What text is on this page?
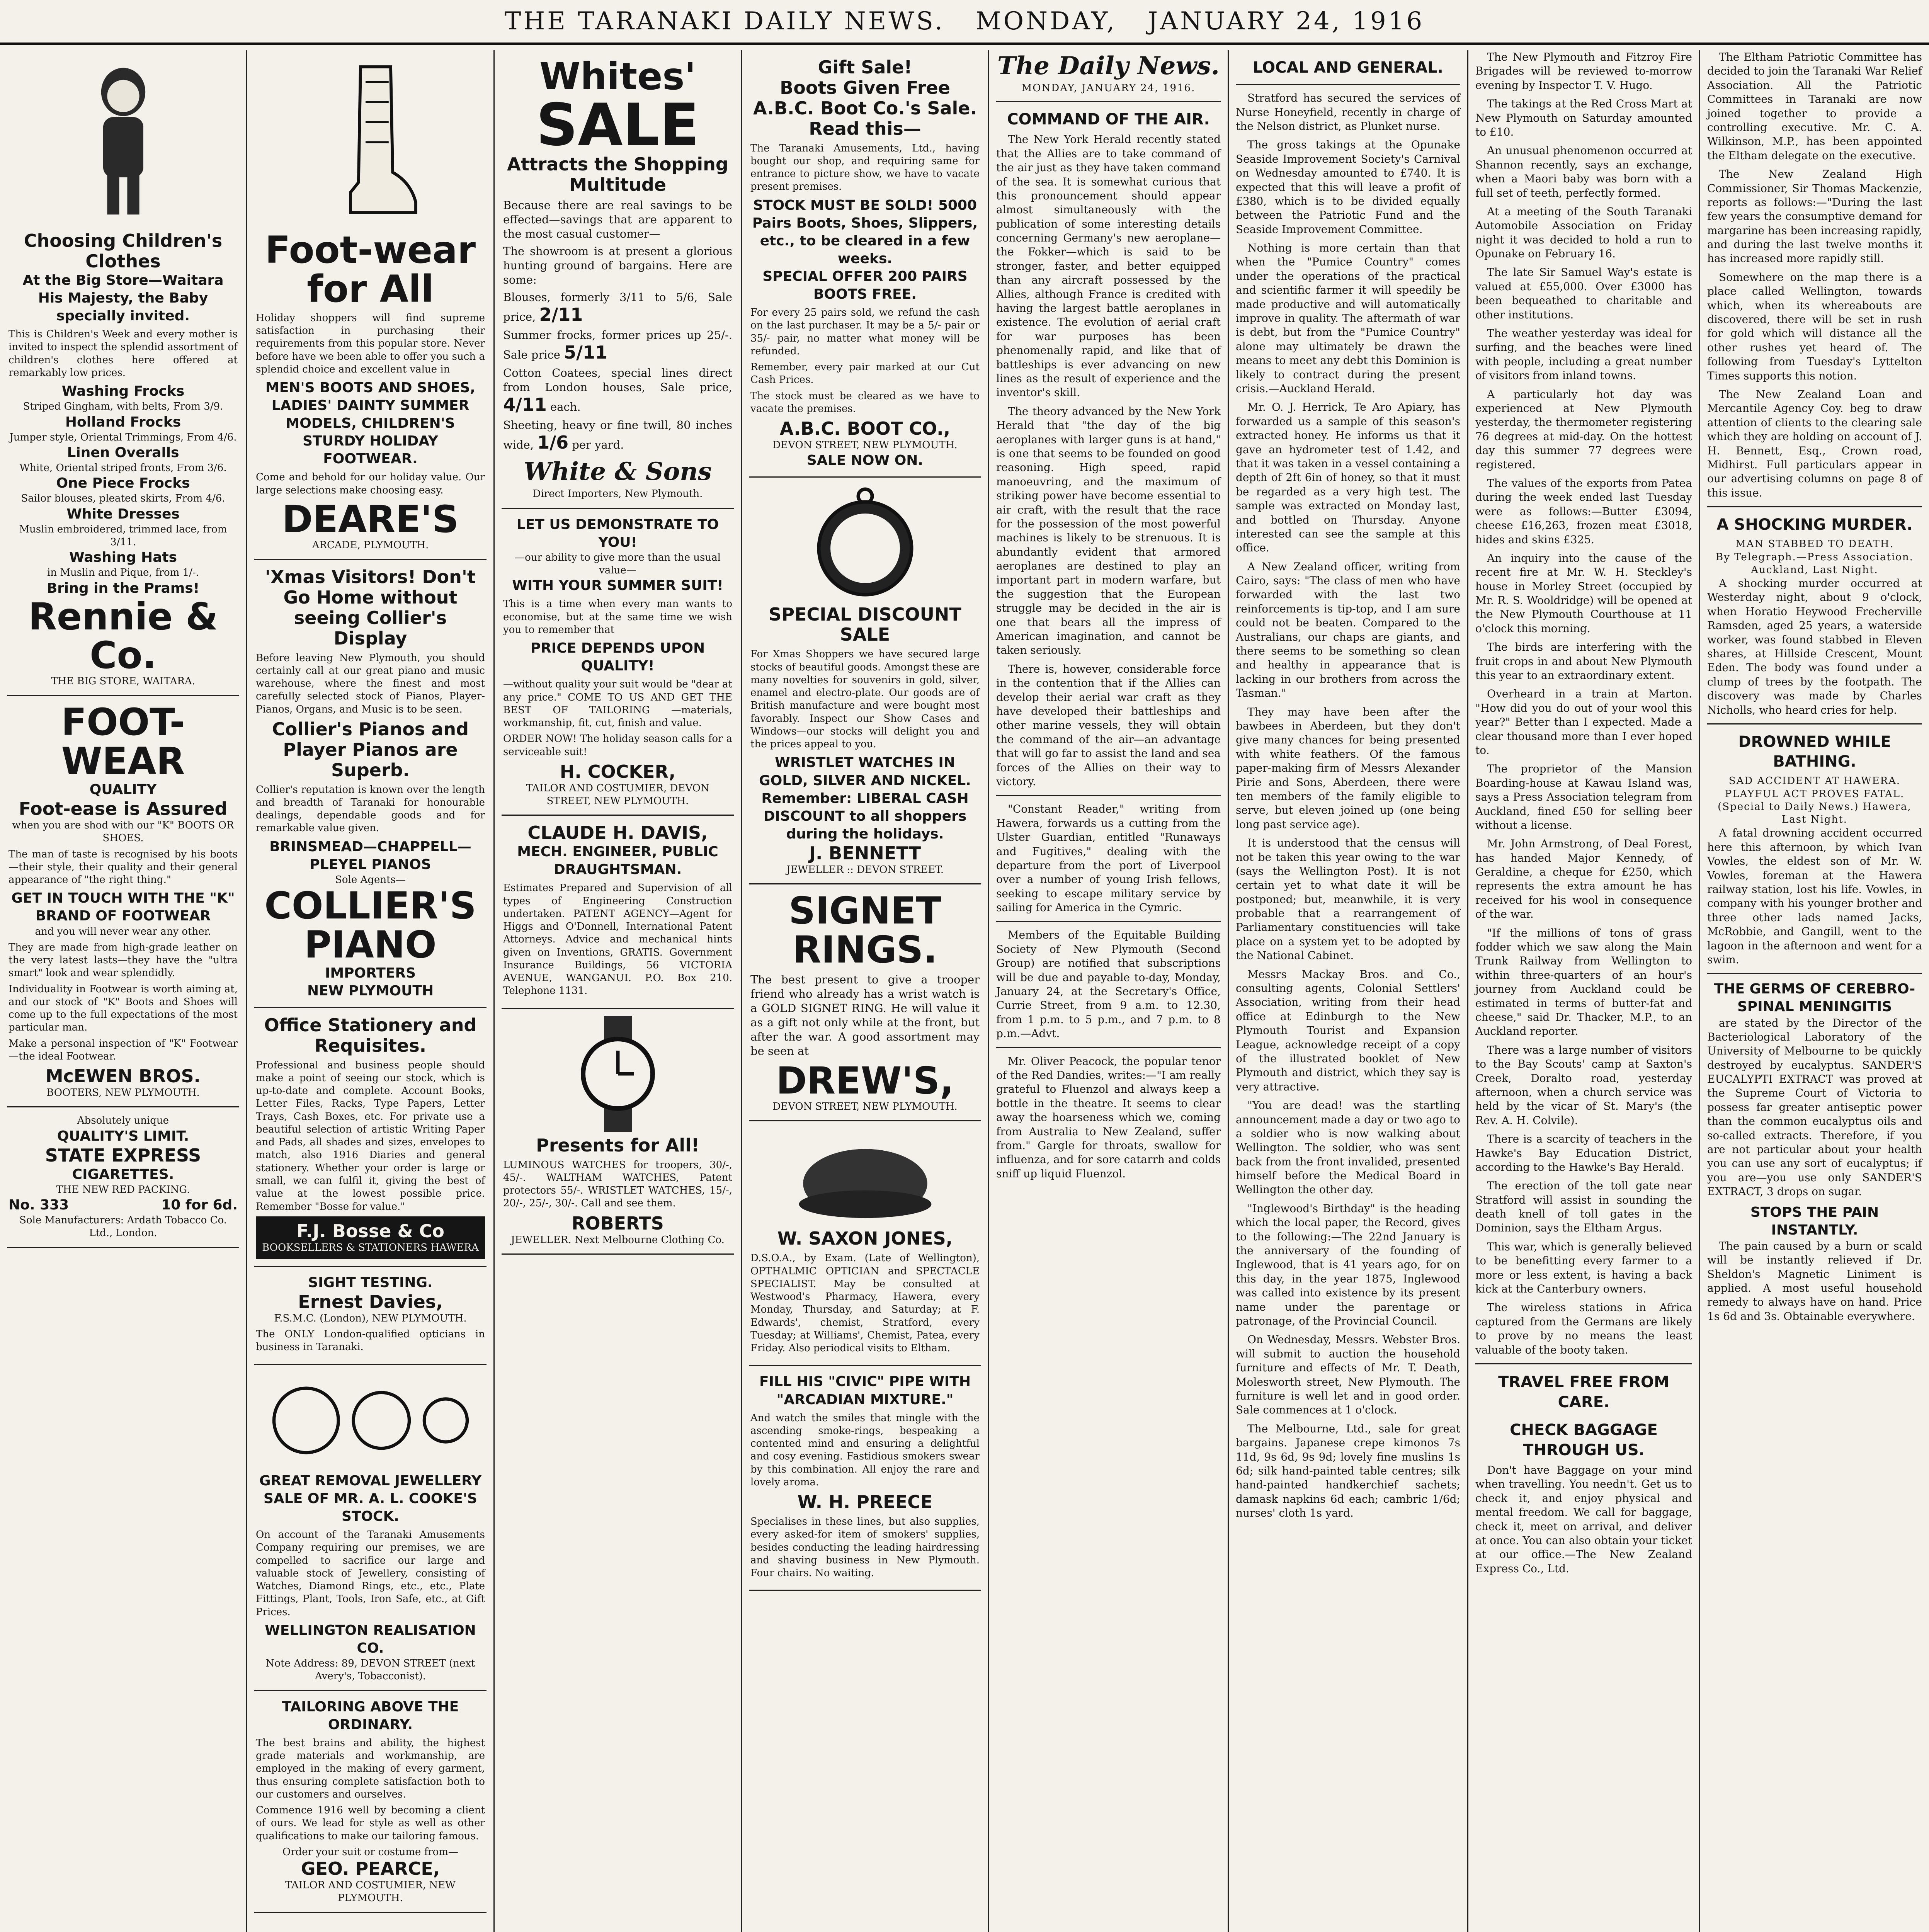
THE TARANAKI DAILY NEWS. MONDAY, JANUARY 24, 1916
Choosing Children's Clothes
At the Big Store—Waitara
His Majesty, the Baby specially invited.

This is Children's Week and every mother is invited to inspect the splendid assortment of children's clothes here offered at remarkably low prices.

Washing Frocks
Striped Gingham, with belts, From 3/9.
Holland Frocks
Jumper style, Oriental Trimmings, From 4/6.
Linen Overalls
White, Oriental striped fronts, From 3/6.
One Piece Frocks
Sailor blouses, pleated skirts, From 4/6.
White Dresses
Muslin embroidered, trimmed lace, from 3/11.
Washing Hats
in Muslin and Pique, from 1/-.
Bring in the Prams!
Rennie & Co.
THE BIG STORE, WAITARA.
FOOT-WEAR
QUALITY
Foot-ease is Assured
when you are shod with our "K" BOOTS OR SHOES.

The man of taste is recognised by his boots—their style, their quality and their general appearance of "the right thing."

GET IN TOUCH WITH THE "K" BRAND OF FOOTWEAR
and you will never wear any other.

They are made from high-grade leather on the very latest lasts—they have the "ultra smart" look and wear splendidly.

Individuality in Footwear is worth aiming at, and our stock of "K" Boots and Shoes will come up to the full expectations of the most particular man.

Make a personal inspection of "K" Footwear—the ideal Footwear.

McEWEN BROS.
BOOTERS, NEW PLYMOUTH.
Absolutely unique
QUALITY'S LIMIT.
STATE EXPRESS
CIGARETTES.
THE NEW RED PACKING.
No. 333	10 for 6d.
Sole Manufacturers: Ardath Tobacco Co. Ltd., London.
Foot-wear for All

Holiday shoppers will find supreme satisfaction in purchasing their requirements from this popular store. Never before have we been able to offer you such a splendid choice and excellent value in

MEN'S BOOTS AND SHOES, LADIES' DAINTY SUMMER MODELS, CHILDREN'S STURDY HOLIDAY FOOTWEAR.

Come and behold for our holiday value. Our large selections make choosing easy.

DEARE'S
ARCADE, PLYMOUTH.
'Xmas Visitors! Don't Go Home without seeing Collier's Display

Before leaving New Plymouth, you should certainly call at our great piano and music warehouse, where the finest and most carefully selected stock of Pianos, Player-Pianos, Organs, and Music is to be seen.

Collier's Pianos and Player Pianos are Superb.

Collier's reputation is known over the length and breadth of Taranaki for honourable dealings, dependable goods and for remarkable value given.

BRINSMEAD—CHAPPELL—PLEYEL PIANOS
Sole Agents—
COLLIER'S PIANO
IMPORTERS
NEW PLYMOUTH
Office Stationery and Requisites.

Professional and business people should make a point of seeing our stock, which is up-to-date and complete. Account Books, Letter Files, Racks, Type Papers, Letter Trays, Cash Boxes, etc. For private use a beautiful selection of artistic Writing Paper and Pads, all shades and sizes, envelopes to match, also 1916 Diaries and general stationery. Whether your order is large or small, we can fulfil it, giving the best of value at the lowest possible price. Remember "Bosse for value."

F.J. Bosse & Co
BOOKSELLERS & STATIONERS HAWERA
SIGHT TESTING.
Ernest Davies,
F.S.M.C. (London), NEW PLYMOUTH.

The ONLY London-qualified opticians in business in Taranaki.

GREAT REMOVAL JEWELLERY SALE OF MR. A. L. COOKE'S STOCK.

On account of the Taranaki Amusements Company requiring our premises, we are compelled to sacrifice our large and valuable stock of Jewellery, consisting of Watches, Diamond Rings, etc., etc., Plate Fittings, Plant, Tools, Iron Safe, etc., at Gift Prices.

WELLINGTON REALISATION CO.
Note Address: 89, DEVON STREET (next Avery's, Tobacconist).
TAILORING ABOVE THE ORDINARY.

The best brains and ability, the highest grade materials and workmanship, are employed in the making of every garment, thus ensuring complete satisfaction both to our customers and ourselves.

Commence 1916 well by becoming a client of ours. We lead for style as well as other qualifications to make our tailoring famous.

Order your suit or costume from—
GEO. PEARCE,
TAILOR AND COSTUMIER, NEW PLYMOUTH.
Whites'
SALE
Attracts the Shopping Multitude

Because there are real savings to be effected—savings that are apparent to the most casual customer—

The showroom is at present a glorious hunting ground of bargains. Here are some:

Blouses, formerly 3/11 to 5/6, Sale price, 2/11

Summer frocks, former prices up 25/-. Sale price 5/11

Cotton Coatees, special lines direct from London houses, Sale price, 4/11 each.

Sheeting, heavy or fine twill, 80 inches wide, 1/6 per yard.

White & Sons
Direct Importers, New Plymouth.
LET US DEMONSTRATE TO YOU!
—our ability to give more than the usual value—
WITH YOUR SUMMER SUIT!

This is a time when every man wants to economise, but at the same time we wish you to remember that

PRICE DEPENDS UPON QUALITY!

—without quality your suit would be "dear at any price." COME TO US AND GET THE BEST OF TAILORING —materials, workmanship, fit, cut, finish and value.

ORDER NOW! The holiday season calls for a serviceable suit!

H. COCKER,
TAILOR AND COSTUMIER, DEVON STREET, NEW PLYMOUTH.
CLAUDE H. DAVIS,
MECH. ENGINEER, PUBLIC DRAUGHTSMAN.

Estimates Prepared and Supervision of all types of Engineering Construction undertaken. PATENT AGENCY—Agent for Higgs and O'Donnell, International Patent Attorneys. Advice and mechanical hints given on Inventions, GRATIS. Government Insurance Buildings, 56 VICTORIA AVENUE, WANGANUI. P.O. Box 210. Telephone 1131.

Presents for All!

LUMINOUS WATCHES for troopers, 30/-, 45/-. WALTHAM WATCHES, Patent protectors 55/-. WRISTLET WATCHES, 15/-, 20/-, 25/-, 30/-. Call and see them.

ROBERTS
JEWELLER. Next Melbourne Clothing Co.
Gift Sale!
Boots Given Free
A.B.C. Boot Co.'s Sale.
Read this—

The Taranaki Amusements, Ltd., having bought our shop, and requiring same for entrance to picture show, we have to vacate present premises.

STOCK MUST BE SOLD! 5000 Pairs Boots, Shoes, Slippers, etc., to be cleared in a few weeks.
SPECIAL OFFER 200 PAIRS BOOTS FREE.

For every 25 pairs sold, we refund the cash on the last purchaser. It may be a 5/- pair or 35/- pair, no matter what money will be refunded.

Remember, every pair marked at our Cut Cash Prices.

The stock must be cleared as we have to vacate the premises.

A.B.C. BOOT CO.,
DEVON STREET, NEW PLYMOUTH.
SALE NOW ON.
SPECIAL DISCOUNT SALE

For Xmas Shoppers we have secured large stocks of beautiful goods. Amongst these are many novelties for souvenirs in gold, silver, enamel and electro-plate. Our goods are of British manufacture and were bought most favorably. Inspect our Show Cases and Windows—our stocks will delight you and the prices appeal to you.

WRISTLET WATCHES IN GOLD, SILVER AND NICKEL.
Remember: LIBERAL CASH DISCOUNT to all shoppers during the holidays.
J. BENNETT
JEWELLER :: DEVON STREET.
SIGNET RINGS.

The best present to give a trooper friend who already has a wrist watch is a GOLD SIGNET RING. He will value it as a gift not only while at the front, but after the war. A good assortment may be seen at

DREW'S,
DEVON STREET, NEW PLYMOUTH.
W. SAXON JONES,

D.S.O.A., by Exam. (Late of Wellington), OPTHALMIC OPTICIAN and SPECTACLE SPECIALIST. May be consulted at Westwood's Pharmacy, Hawera, every Monday, Thursday, and Saturday; at F. Edwards', chemist, Stratford, every Tuesday; at Williams', Chemist, Patea, every Friday. Also periodical visits to Eltham.

FILL HIS "CIVIC" PIPE WITH "ARCADIAN MIXTURE."

And watch the smiles that mingle with the ascending smoke-rings, bespeaking a contented mind and ensuring a delightful and cosy evening. Fastidious smokers swear by this combination. All enjoy the rare and lovely aroma.

W. H. PREECE

Specialises in these lines, but also supplies, every asked-for item of smokers' supplies, besides conducting the leading hairdressing and shaving business in New Plymouth. Four chairs. No waiting.

The Daily News.
MONDAY, JANUARY 24, 1916.
COMMAND OF THE AIR.

The New York Herald recently stated that the Allies are to take command of the air just as they have taken command of the sea. It is somewhat curious that this pronouncement should appear almost simultaneously with the publication of some interesting details concerning Germany's new aeroplane—the Fokker—which is said to be stronger, faster, and better equipped than any aircraft possessed by the Allies, although France is credited with having the largest battle aeroplanes in existence. The evolution of aerial craft for war purposes has been phenomenally rapid, and like that of battleships is ever advancing on new lines as the result of experience and the inventor's skill.

The theory advanced by the New York Herald that "the day of the big aeroplanes with larger guns is at hand," is one that seems to be founded on good reasoning. High speed, rapid manoeuvring, and the maximum of striking power have become essential to air craft, with the result that the race for the possession of the most powerful machines is likely to be strenuous. It is abundantly evident that armored aeroplanes are destined to play an important part in modern warfare, but the suggestion that the European struggle may be decided in the air is one that bears all the impress of American imagination, and cannot be taken seriously.

There is, however, considerable force in the contention that if the Allies can develop their aerial war craft as they have developed their battleships and other marine vessels, they will obtain the command of the air—an advantage that will go far to assist the land and sea forces of the Allies on their way to victory.

"Constant Reader," writing from Hawera, forwards us a cutting from the Ulster Guardian, entitled "Runaways and Fugitives," dealing with the departure from the port of Liverpool over a number of young Irish fellows, seeking to escape military service by sailing for America in the Cymric.

Members of the Equitable Building Society of New Plymouth (Second Group) are notified that subscriptions will be due and payable to-day, Monday, January 24, at the Secretary's Office, Currie Street, from 9 a.m. to 12.30, from 1 p.m. to 5 p.m., and 7 p.m. to 8 p.m.—Advt.

Mr. Oliver Peacock, the popular tenor of the Red Dandies, writes:—"I am really grateful to Fluenzol and always keep a bottle in the theatre. It seems to clear away the hoarseness which we, coming from Australia to New Zealand, suffer from." Gargle for throats, swallow for influenza, and for sore catarrh and colds sniff up liquid Fluenzol.

LOCAL AND GENERAL.

Stratford has secured the services of Nurse Honeyfield, recently in charge of the Nelson district, as Plunket nurse.

The gross takings at the Opunake Seaside Improvement Society's Carnival on Wednesday amounted to £740. It is expected that this will leave a profit of £380, which is to be divided equally between the Patriotic Fund and the Seaside Improvement Committee.

Nothing is more certain than that when the "Pumice Country" comes under the operations of the practical and scientific farmer it will speedily be made productive and will automatically improve in quality. The aftermath of war is debt, but from the "Pumice Country" alone may ultimately be drawn the means to meet any debt this Dominion is likely to contract during the present crisis.—Auckland Herald.

Mr. O. J. Herrick, Te Aro Apiary, has forwarded us a sample of this season's extracted honey. He informs us that it gave an hydrometer test of 1.42, and that it was taken in a vessel containing a depth of 2ft 6in of honey, so that it must be regarded as a very high test. The sample was extracted on Monday last, and bottled on Thursday. Anyone interested can see the sample at this office.

A New Zealand officer, writing from Cairo, says: "The class of men who have forwarded with the last two reinforcements is tip-top, and I am sure could not be beaten. Compared to the Australians, our chaps are giants, and there seems to be something so clean and healthy in appearance that is lacking in our brothers from across the Tasman."

They may have been after the bawbees in Aberdeen, but they don't give many chances for being presented with white feathers. Of the famous paper-making firm of Messrs Alexander Pirie and Sons, Aberdeen, there were ten members of the family eligible to serve, but eleven joined up (one being long past service age).

It is understood that the census will not be taken this year owing to the war (says the Wellington Post). It is not certain yet to what date it will be postponed; but, meanwhile, it is very probable that a rearrangement of Parliamentary constituencies will take place on a system yet to be adopted by the National Cabinet.

Messrs Mackay Bros. and Co., consulting agents, Colonial Settlers' Association, writing from their head office at Edinburgh to the New Plymouth Tourist and Expansion League, acknowledge receipt of a copy of the illustrated booklet of New Plymouth and district, which they say is very attractive.

"You are dead! was the startling announcement made a day or two ago to a soldier who is now walking about Wellington. The soldier, who was sent back from the front invalided, presented himself before the Medical Board in Wellington the other day.

"Inglewood's Birthday" is the heading which the local paper, the Record, gives to the following:—The 22nd January is the anniversary of the founding of Inglewood, that is 41 years ago, for on this day, in the year 1875, Inglewood was called into existence by its present name under the parentage or patronage, of the Provincial Council.

On Wednesday, Messrs. Webster Bros. will submit to auction the household furniture and effects of Mr. T. Death, Molesworth street, New Plymouth. The furniture is well let and in good order. Sale commences at 1 o'clock.

The Melbourne, Ltd., sale for great bargains. Japanese crepe kimonos 7s 11d, 9s 6d, 9s 9d; lovely fine muslins 1s 6d; silk hand-painted table centres; silk hand-painted handkerchief sachets; damask napkins 6d each; cambric 1/6d; nurses' cloth 1s yard.

The New Plymouth and Fitzroy Fire Brigades will be reviewed to-morrow evening by Inspector T. V. Hugo.

The takings at the Red Cross Mart at New Plymouth on Saturday amounted to £10.

An unusual phenomenon occurred at Shannon recently, says an exchange, when a Maori baby was born with a full set of teeth, perfectly formed.

At a meeting of the South Taranaki Automobile Association on Friday night it was decided to hold a run to Opunake on February 16.

The late Sir Samuel Way's estate is valued at £55,000. Over £3000 has been bequeathed to charitable and other institutions.

The weather yesterday was ideal for surfing, and the beaches were lined with people, including a great number of visitors from inland towns.

A particularly hot day was experienced at New Plymouth yesterday, the thermometer registering 76 degrees at mid-day. On the hottest day this summer 77 degrees were registered.

The values of the exports from Patea during the week ended last Tuesday were as follows:—Butter £3094, cheese £16,263, frozen meat £3018, hides and skins £325.

An inquiry into the cause of the recent fire at Mr. W. H. Steckley's house in Morley Street (occupied by Mr. R. S. Wooldridge) will be opened at the New Plymouth Courthouse at 11 o'clock this morning.

The birds are interfering with the fruit crops in and about New Plymouth this year to an extraordinary extent.

Overheard in a train at Marton. "How did you do out of your wool this year?" Better than I expected. Made a clear thousand more than I ever hoped to.

The proprietor of the Mansion Boarding-house at Kawau Island was, says a Press Association telegram from Auckland, fined £50 for selling beer without a license.

Mr. John Armstrong, of Deal Forest, has handed Major Kennedy, of Geraldine, a cheque for £250, which represents the extra amount he has received for his wool in consequence of the war.

"If the millions of tons of grass fodder which we saw along the Main Trunk Railway from Wellington to within three-quarters of an hour's journey from Auckland could be estimated in terms of butter-fat and cheese," said Dr. Thacker, M.P., to an Auckland reporter.

There was a large number of visitors to the Bay Scouts' camp at Saxton's Creek, Doralto road, yesterday afternoon, when a church service was held by the vicar of St. Mary's (the Rev. A. H. Colvile).

There is a scarcity of teachers in the Hawke's Bay Education District, according to the Hawke's Bay Herald.

The erection of the toll gate near Stratford will assist in sounding the death knell of toll gates in the Dominion, says the Eltham Argus.

This war, which is generally believed to be benefitting every farmer to a more or less extent, is having a back kick at the Canterbury owners.

The wireless stations in Africa captured from the Germans are likely to prove by no means the least valuable of the booty taken.

TRAVEL FREE FROM CARE.
CHECK BAGGAGE THROUGH US.

Don't have Baggage on your mind when travelling. You needn't. Get us to check it, and enjoy physical and mental freedom. We call for baggage, check it, meet on arrival, and deliver at once. You can also obtain your ticket at our office.—The New Zealand Express Co., Ltd.

The Eltham Patriotic Committee has decided to join the Taranaki War Relief Association. All the Patriotic Committees in Taranaki are now joined together to provide a controlling executive. Mr. C. A. Wilkinson, M.P., has been appointed the Eltham delegate on the executive.

The New Zealand High Commissioner, Sir Thomas Mackenzie, reports as follows:—"During the last few years the consumptive demand for margarine has been increasing rapidly, and during the last twelve months it has increased more rapidly still.

Somewhere on the map there is a place called Wellington, towards which, when its whereabouts are discovered, there will be set in rush for gold which will distance all the other rushes yet heard of. The following from Tuesday's Lyttelton Times supports this notion.

The New Zealand Loan and Mercantile Agency Coy. beg to draw attention of clients to the clearing sale which they are holding on account of J. H. Bennett, Esq., Crown road, Midhirst. Full particulars appear in our advertising columns on page 8 of this issue.

A SHOCKING MURDER.
MAN STABBED TO DEATH.
By Telegraph.—Press Association. Auckland, Last Night.

A shocking murder occurred at Westerday night, about 9 o'clock, when Horatio Heywood Frecherville Ramsden, aged 25 years, a waterside worker, was found stabbed in Eleven shares, at Hillside Crescent, Mount Eden. The body was found under a clump of trees by the footpath. The discovery was made by Charles Nicholls, who heard cries for help.

DROWNED WHILE BATHING.
SAD ACCIDENT AT HAWERA.
PLAYFUL ACT PROVES FATAL.
(Special to Daily News.) Hawera, Last Night.

A fatal drowning accident occurred here this afternoon, by which Ivan Vowles, the eldest son of Mr. W. Vowles, foreman at the Hawera railway station, lost his life. Vowles, in company with his younger brother and three other lads named Jacks, McRobbie, and Gangill, went to the lagoon in the afternoon and went for a swim.

THE GERMS OF CEREBRO-SPINAL MENINGITIS

are stated by the Director of the Bacteriological Laboratory of the University of Melbourne to be quickly destroyed by eucalyptus. SANDER'S EUCALYPTI EXTRACT was proved at the Supreme Court of Victoria to possess far greater antiseptic power than the common eucalyptus oils and so-called extracts. Therefore, if you are not particular about your health you can use any sort of eucalyptus; if you are—you use only SANDER'S EXTRACT, 3 drops on sugar.

STOPS THE PAIN INSTANTLY.

The pain caused by a burn or scald will be instantly relieved if Dr. Sheldon's Magnetic Liniment is applied. A most useful household remedy to always have on hand. Price 1s 6d and 3s. Obtainable everywhere.
